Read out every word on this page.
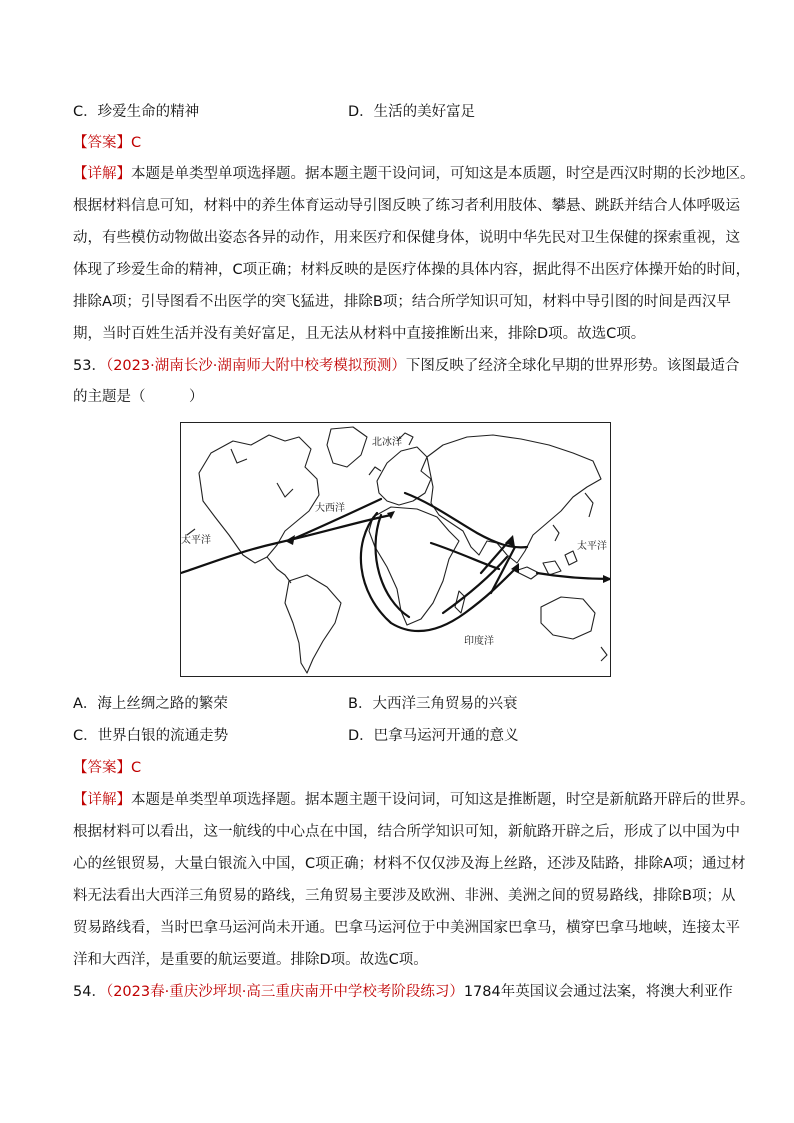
C．珍爱生命的精神	D．生活的美好富足
【答案】C
【详解】本题是单类型单项选择题。据本题主题干设问词，可知这是本质题，时空是西汉时期的长沙地区。
根据材料信息可知，材料中的养生体育运动导引图反映了练习者利用肢体、攀悬、跳跃并结合人体呼吸运
动，有些模仿动物做出姿态各异的动作，用来医疗和保健身体，说明中华先民对卫生保健的探索重视，这
体现了珍爱生命的精神，C项正确；材料反映的是医疗体操的具体内容，据此得不出医疗体操开始的时间，
排除A项；引导图看不出医学的突飞猛进，排除B项；结合所学知识可知，材料中导引图的时间是西汉早
期，当时百姓生活并没有美好富足，且无法从材料中直接推断出来，排除D项。故选C项。
53．（2023·湖南长沙·湖南师大附中校考模拟预测）下图反映了经济全球化早期的世界形势。该图最适合
的主题是（　　　）
北冰洋
大西洋
太平洋
太平洋
印度洋
A．海上丝绸之路的繁荣	B．大西洋三角贸易的兴衰
C．世界白银的流通走势	D．巴拿马运河开通的意义
【答案】C
【详解】本题是单类型单项选择题。据本题主题干设问词，可知这是推断题，时空是新航路开辟后的世界。
根据材料可以看出，这一航线的中心点在中国，结合所学知识可知，新航路开辟之后，形成了以中国为中
心的丝银贸易，大量白银流入中国，C项正确；材料不仅仅涉及海上丝路，还涉及陆路，排除A项；通过材
料无法看出大西洋三角贸易的路线，三角贸易主要涉及欧洲、非洲、美洲之间的贸易路线，排除B项；从
贸易路线看，当时巴拿马运河尚未开通。巴拿马运河位于中美洲国家巴拿马，横穿巴拿马地峡，连接太平
洋和大西洋，是重要的航运要道。排除D项。故选C项。
54．（2023春·重庆沙坪坝·高三重庆南开中学校考阶段练习）1784年英国议会通过法案，将澳大利亚作
